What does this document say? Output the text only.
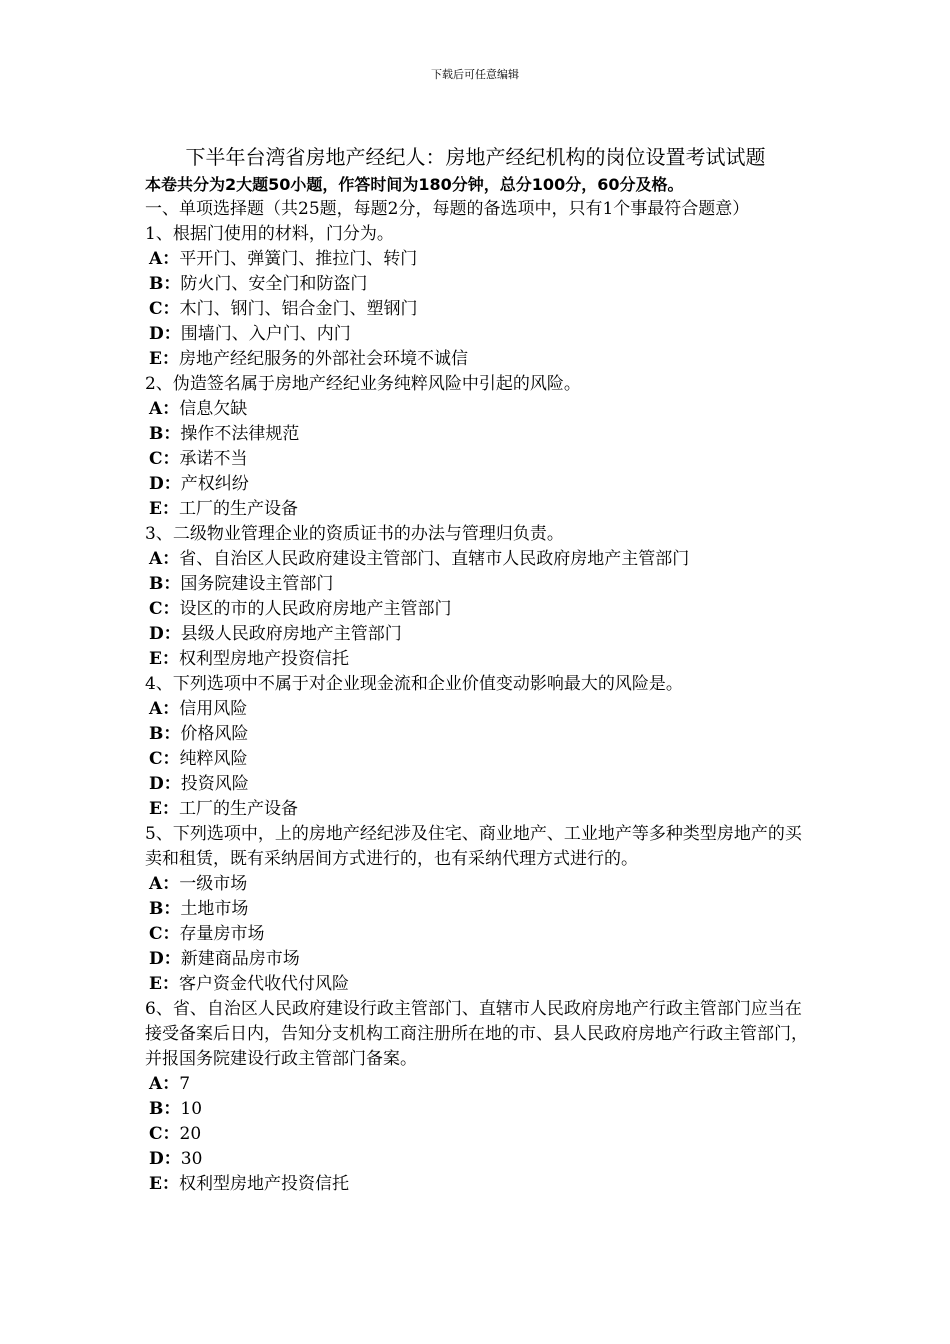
下载后可任意编辑
下半年台湾省房地产经纪人：房地产经纪机构的岗位设置考试试题
本卷共分为2大题50小题，作答时间为180分钟，总分100分，60分及格。
一、单项选择题（共25题，每题2分，每题的备选项中，只有1个事最符合题意）
1、根据门使用的材料，门分为。
A：平开门、弹簧门、推拉门、转门
B：防火门、安全门和防盗门
C：木门、钢门、铝合金门、塑钢门
D：围墙门、入户门、内门
E：房地产经纪服务的外部社会环境不诚信
2、伪造签名属于房地产经纪业务纯粹风险中引起的风险。
A：信息欠缺
B：操作不法律规范
C：承诺不当
D：产权纠纷
E：工厂的生产设备
3、二级物业管理企业的资质证书的办法与管理归负责。
A：省、自治区人民政府建设主管部门、直辖市人民政府房地产主管部门
B：国务院建设主管部门
C：设区的市的人民政府房地产主管部门
D：县级人民政府房地产主管部门
E：权利型房地产投资信托
4、下列选项中不属于对企业现金流和企业价值变动影响最大的风险是。
A：信用风险
B：价格风险
C：纯粹风险
D：投资风险
E：工厂的生产设备
5、下列选项中，上的房地产经纪涉及住宅、商业地产、工业地产等多种类型房地产的买卖和租赁，既有采纳居间方式进行的，也有采纳代理方式进行的。
A：一级市场
B：土地市场
C：存量房市场
D：新建商品房市场
E：客户资金代收代付风险
6、省、自治区人民政府建设行政主管部门、直辖市人民政府房地产行政主管部门应当在接受备案后日内，告知分支机构工商注册所在地的市、县人民政府房地产行政主管部门，并报国务院建设行政主管部门备案。
A：7
B：10
C：20
D：30
E：权利型房地产投资信托
